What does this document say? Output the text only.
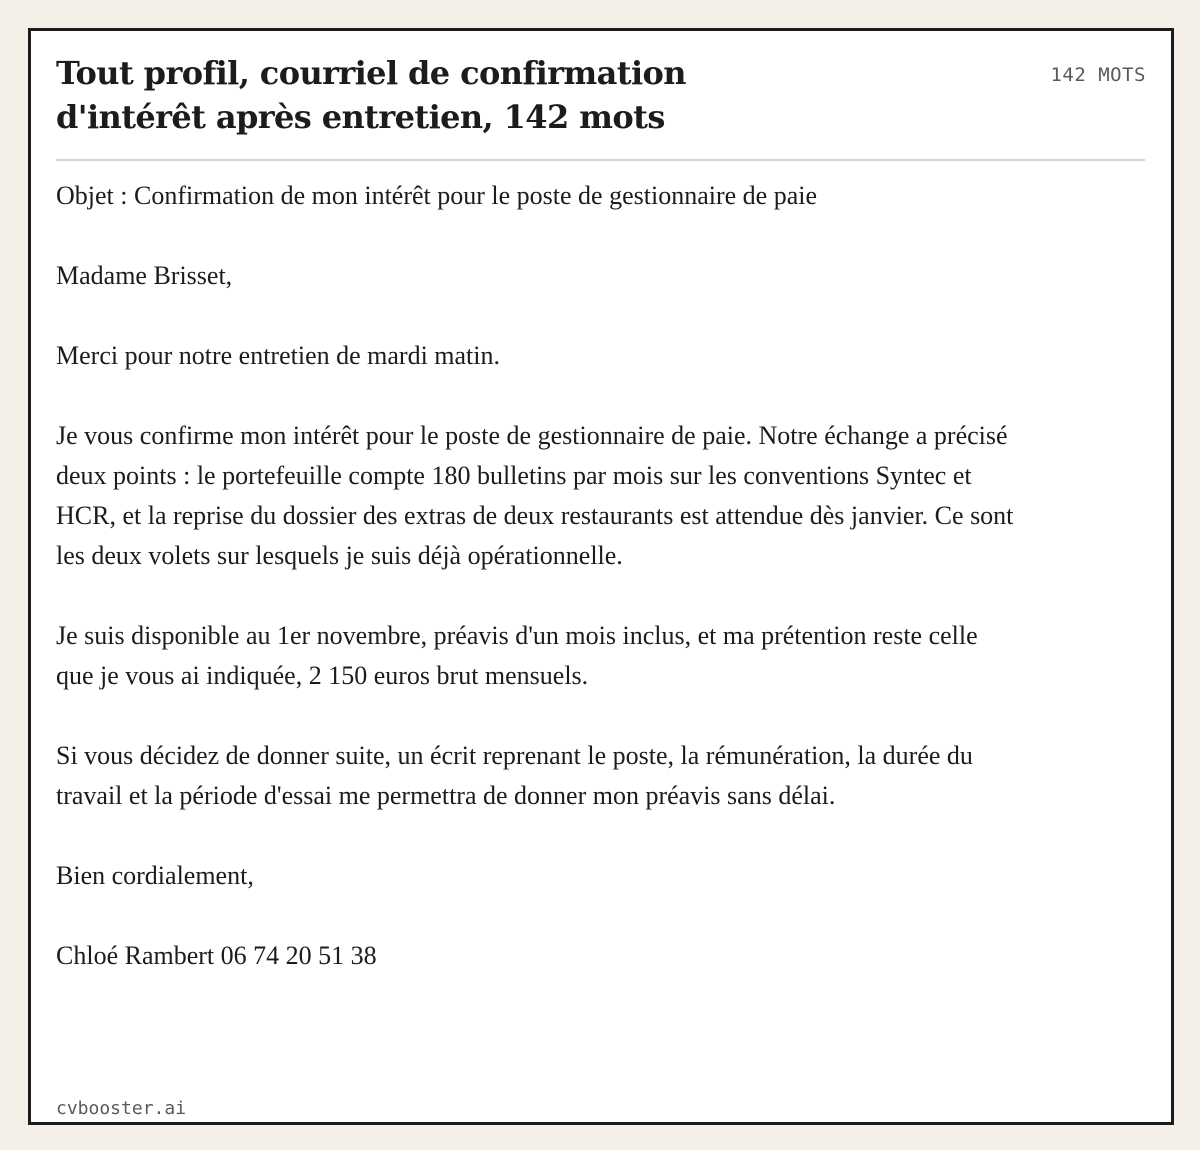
Tout profil, courriel de confirmation d'intérêt après entretien, 142 mots
142 MOTS

Objet : Confirmation de mon intérêt pour le poste de gestionnaire de paie

Madame Brisset,

Merci pour notre entretien de mardi matin.

Je vous confirme mon intérêt pour le poste de gestionnaire de paie. Notre échange a précisé deux points : le portefeuille compte 180 bulletins par mois sur les conventions Syntec et HCR, et la reprise du dossier des extras de deux restaurants est attendue dès janvier. Ce sont les deux volets sur lesquels je suis déjà opérationnelle.

Je suis disponible au 1er novembre, préavis d'un mois inclus, et ma prétention reste celle que je vous ai indiquée, 2 150 euros brut mensuels.

Si vous décidez de donner suite, un écrit reprenant le poste, la rémunération, la durée du travail et la période d'essai me permettra de donner mon préavis sans délai.

Bien cordialement,

Chloé Rambert 06 74 20 51 38

cvbooster.ai
